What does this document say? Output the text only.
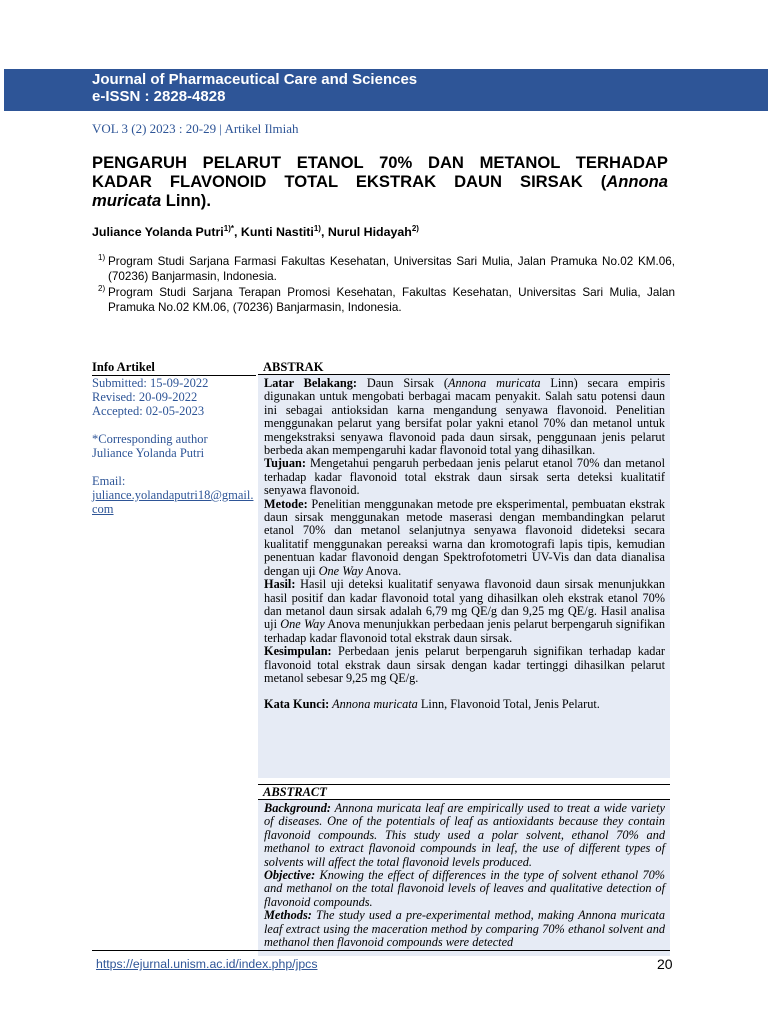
Journal of Pharmaceutical Care and Sciences
e-ISSN : 2828-4828
VOL 3 (2) 2023 : 20-29 | Artikel Ilmiah
PENGARUH PELARUT ETANOL 70% DAN METANOL TERHADAP
KADAR FLAVONOID TOTAL EKSTRAK DAUN SIRSAK (Annona
muricata Linn).
Juliance Yolanda Putri$^{1)*}$, Kunti Nastiti$^{1)}$, Nurul Hidayah$^{2)}$
1) Program Studi Sarjana Farmasi Fakultas Kesehatan, Universitas Sari Mulia, Jalan Pramuka No.02 KM.06, (70236) Banjarmasin, Indonesia.
2) Program Studi Sarjana Terapan Promosi Kesehatan, Fakultas Kesehatan, Universitas Sari Mulia, Jalan Pramuka No.02 KM.06, (70236) Banjarmasin, Indonesia.
Info Artikel
Submitted: 15-09-2022
Revised: 20-09-2022
Accepted: 02-05-2023
*Corresponding author
Juliance Yolanda Putri
Email:
juliance.yolandaputri18@gmail.com
ABSTRAK

Latar Belakang: Daun Sirsak (Annona muricata Linn) secara empiris digunakan untuk mengobati berbagai macam penyakit. Salah satu potensi daun ini sebagai antioksidan karna mengandung senyawa flavonoid. Penelitian menggunakan pelarut yang bersifat polar yakni etanol 70% dan metanol untuk mengekstraksi senyawa flavonoid pada daun sirsak, penggunaan jenis pelarut berbeda akan mempengaruhi kadar flavonoid total yang dihasilkan.

Tujuan: Mengetahui pengaruh perbedaan jenis pelarut etanol 70% dan metanol terhadap kadar flavonoid total ekstrak daun sirsak serta deteksi kualitatif senyawa flavonoid.

Metode: Penelitian menggunakan metode pre eksperimental, pembuatan ekstrak daun sirsak menggunakan metode maserasi dengan membandingkan pelarut etanol 70% dan metanol selanjutnya senyawa flavonoid dideteksi secara kualitatif menggunakan pereaksi warna dan kromotografi lapis tipis, kemudian penentuan kadar flavonoid dengan Spektrofotometri UV-Vis dan data dianalisa dengan uji One Way Anova.

Hasil: Hasil uji deteksi kualitatif senyawa flavonoid daun sirsak menunjukkan hasil positif dan kadar flavonoid total yang dihasilkan oleh ekstrak etanol 70% dan metanol daun sirsak adalah 6,79 mg QE/g dan 9,25 mg QE/g. Hasil analisa uji One Way Anova menunjukkan perbedaan jenis pelarut berpengaruh signifikan terhadap kadar flavonoid total ekstrak daun sirsak.

Kesimpulan: Perbedaan jenis pelarut berpengaruh signifikan terhadap kadar flavonoid total ekstrak daun sirsak dengan kadar tertinggi dihasilkan pelarut metanol sebesar 9,25 mg QE/g.

Kata Kunci: Annona muricata Linn, Flavonoid Total, Jenis Pelarut.

ABSTRACT

Background: Annona muricata leaf are empirically used to treat a wide variety of diseases. One of the potentials of leaf as antioxidants because they contain flavonoid compounds. This study used a polar solvent, ethanol 70% and methanol to extract flavonoid compounds in leaf, the use of different types of solvents will affect the total flavonoid levels produced.

Objective: Knowing the effect of differences in the type of solvent ethanol 70% and methanol on the total flavonoid levels of leaves and qualitative detection of flavonoid compounds.

Methods: The study used a pre-experimental method, making Annona muricata leaf extract using the maceration method by comparing 70% ethanol solvent and methanol then flavonoid compounds were detected

https://ejurnal.unism.ac.id/index.php/jpcs	20
